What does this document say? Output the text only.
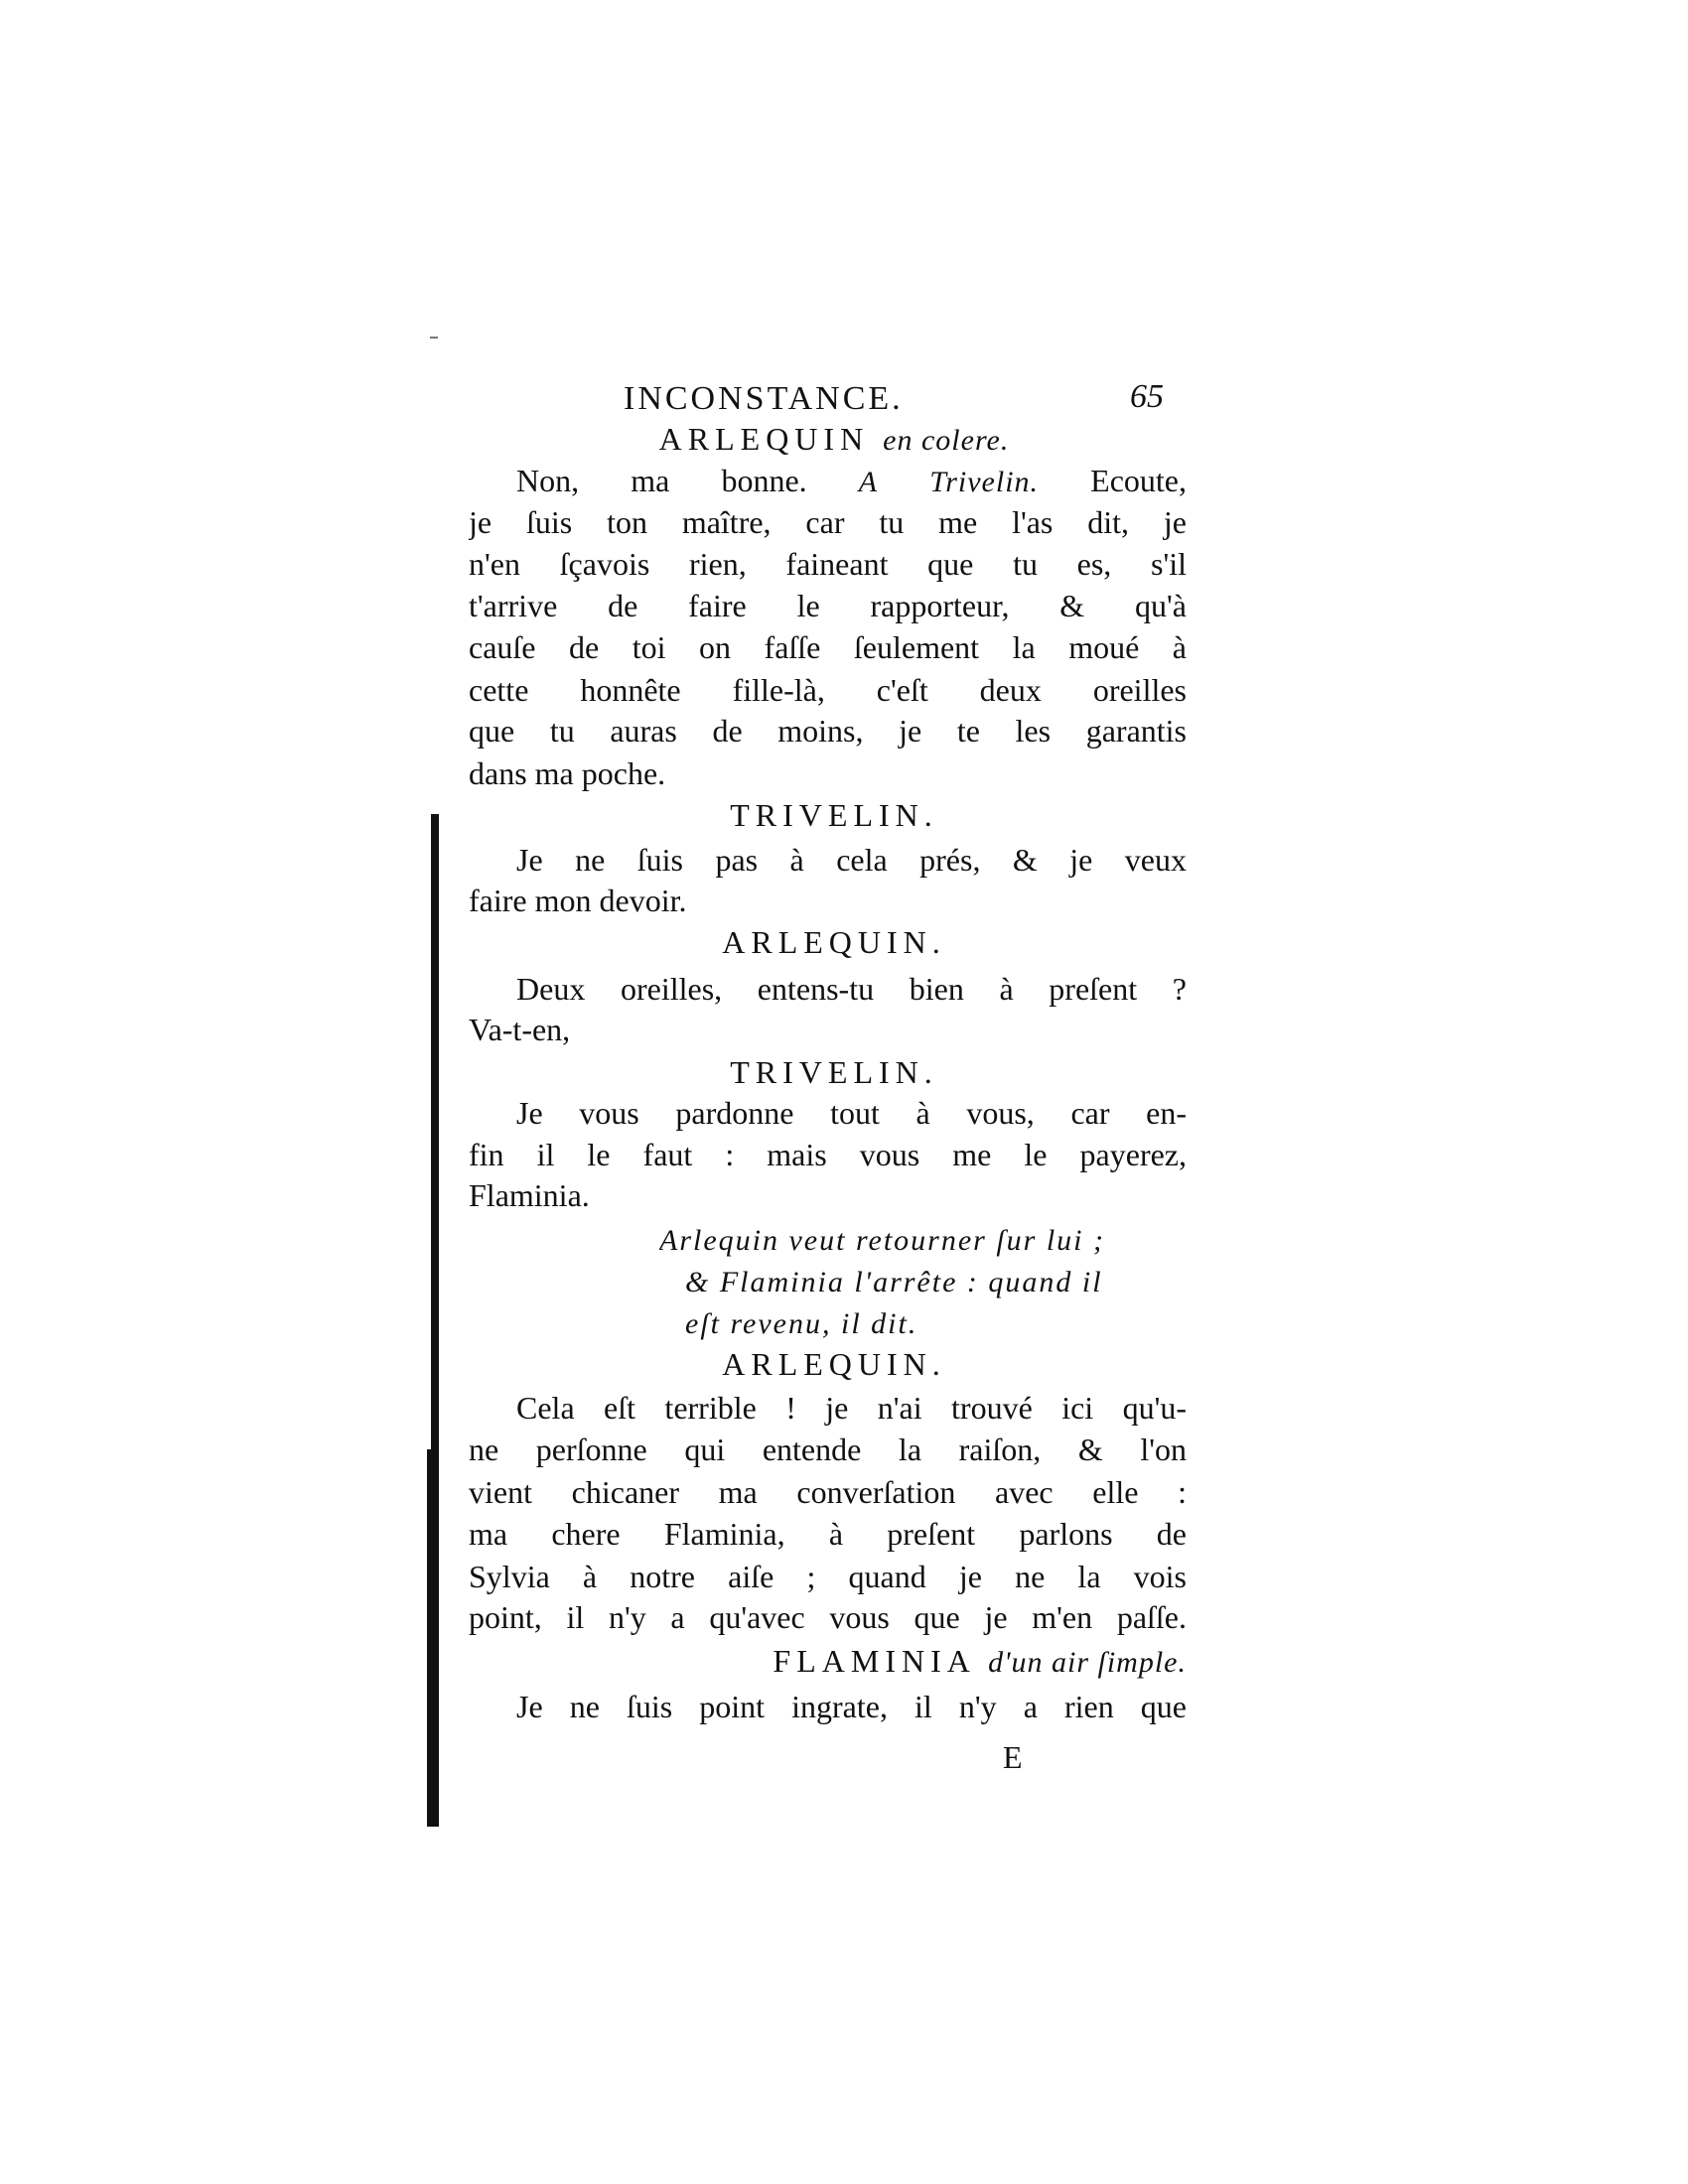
INCONSTANCE.	65
ARLEQUIN en colere.
Non, ma bonne. A Trivelin. Ecoute,
je ſuis ton maître, car tu me l'as dit, je
n'en ſçavois rien, faineant que tu es, s'il
t'arrive de faire le rapporteur, & qu'à
cauſe de toi on faſſe ſeulement la moué à
cette honnête fille-là, c'eſt deux oreilles
que tu auras de moins, je te les garantis
dans ma poche.
TRIVELIN.
Je ne ſuis pas à cela prés, & je veux
faire mon devoir.
ARLEQUIN.
Deux oreilles, entens-tu bien à preſent ?
Va-t-en,
TRIVELIN.
Je vous pardonne tout à vous, car en-
fin il le faut : mais vous me le payerez,
Flaminia.
Arlequin veut retourner ſur lui ;
& Flaminia l'arrête : quand il
eſt revenu, il dit.
ARLEQUIN.
Cela eſt terrible ! je n'ai trouvé ici qu'u-
ne perſonne qui entende la raiſon, & l'on
vient chicaner ma converſation avec elle :
ma chere Flaminia, à preſent parlons de
Sylvia à notre aiſe ; quand je ne la vois
point, il n'y a qu'avec vous que je m'en paſſe.
FLAMINIA d'un air ſimple.
Je ne ſuis point ingrate, il n'y a rien que
E
